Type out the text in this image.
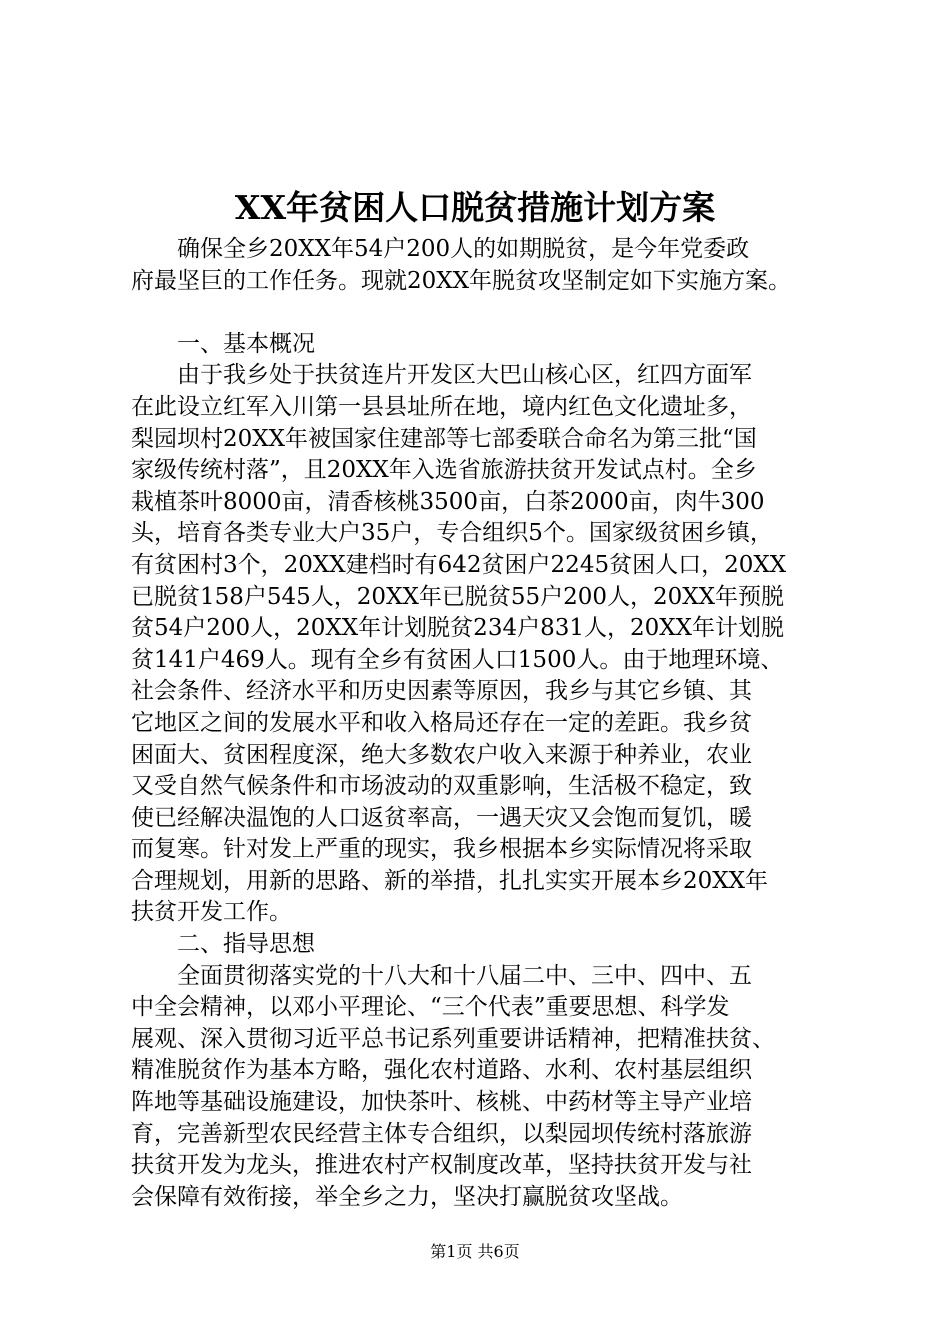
XX年贫困人口脱贫措施计划方案
确保全乡20XX年54户200人的如期脱贫，是今年党委政
府最坚巨的工作任务。现就20XX年脱贫攻坚制定如下实施方案。
一、基本概况
由于我乡处于扶贫连片开发区大巴山核心区，红四方面军
在此设立红军入川第一县县址所在地，境内红色文化遗址多，
梨园坝村20XX年被国家住建部等七部委联合命名为第三批“国
家级传统村落”，且20XX年入选省旅游扶贫开发试点村。全乡
栽植茶叶8000亩，清香核桃3500亩，白茶2000亩，肉牛300
头，培育各类专业大户35户，专合组织5个。国家级贫困乡镇，
有贫困村3个，20XX建档时有642贫困户2245贫困人口，20XX
已脱贫158户545人，20XX年已脱贫55户200人，20XX年预脱
贫54户200人，20XX年计划脱贫234户831人，20XX年计划脱
贫141户469人。现有全乡有贫困人口1500人。由于地理环境、
社会条件、经济水平和历史因素等原因，我乡与其它乡镇、其
它地区之间的发展水平和收入格局还存在一定的差距。我乡贫
困面大、贫困程度深，绝大多数农户收入来源于种养业，农业
又受自然气候条件和市场波动的双重影响，生活极不稳定，致
使已经解决温饱的人口返贫率高，一遇天灾又会饱而复饥，暖
而复寒。针对发上严重的现实，我乡根据本乡实际情况将采取
合理规划，用新的思路、新的举措，扎扎实实开展本乡20XX年
扶贫开发工作。
二、指导思想
全面贯彻落实党的十八大和十八届二中、三中、四中、五
中全会精神，以邓小平理论、“三个代表”重要思想、科学发
展观、深入贯彻习近平总书记系列重要讲话精神，把精准扶贫、
精准脱贫作为基本方略，强化农村道路、水利、农村基层组织
阵地等基础设施建设，加快茶叶、核桃、中药材等主导产业培
育，完善新型农民经营主体专合组织，以梨园坝传统村落旅游
扶贫开发为龙头，推进农村产权制度改革，坚持扶贫开发与社
会保障有效衔接，举全乡之力，坚决打赢脱贫攻坚战。
第1页 共6页
